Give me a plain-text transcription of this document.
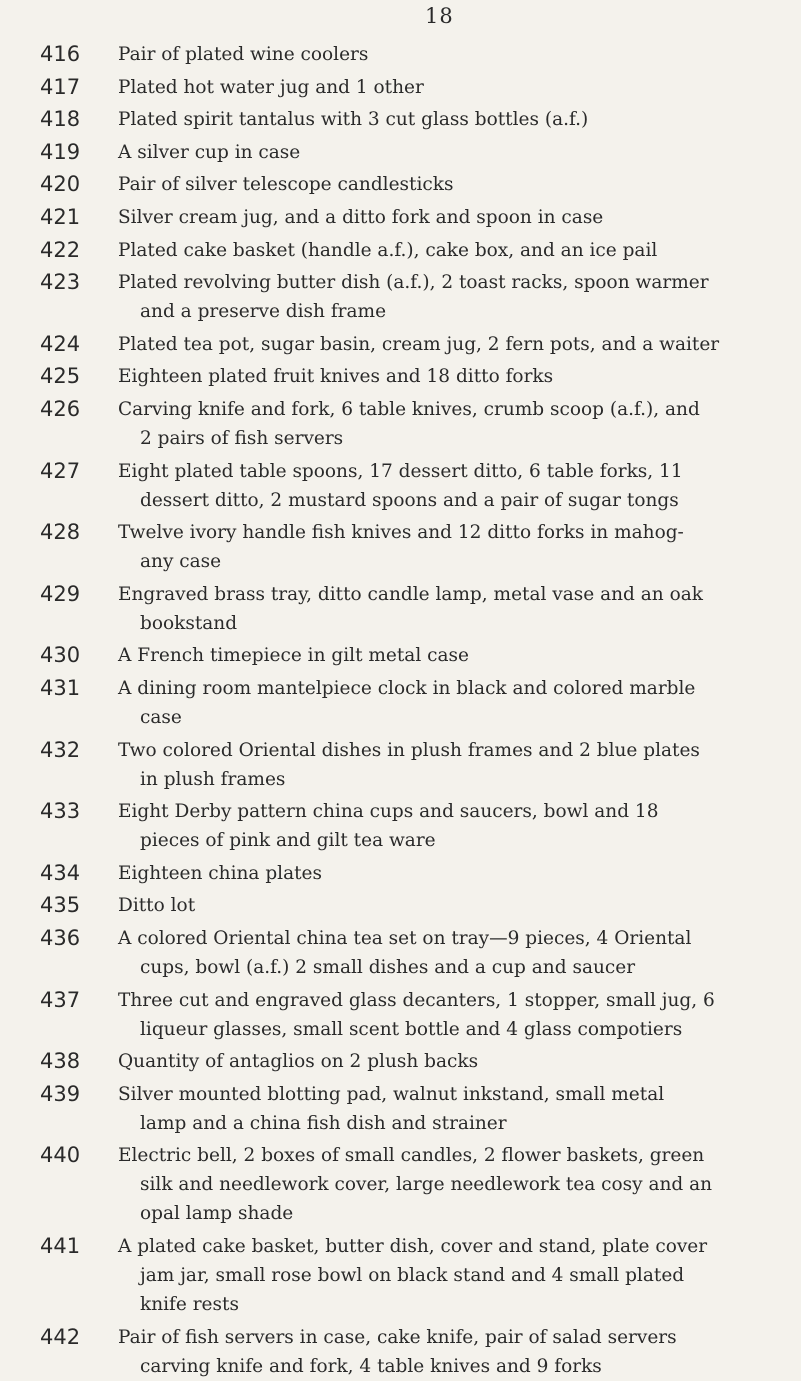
18
416	Pair of plated wine coolers
417	Plated hot water jug and 1 other
418	Plated spirit tantalus with 3 cut glass bottles (a.f.)
419	A silver cup in case
420	Pair of silver telescope candlesticks
421	Silver cream jug, and a ditto fork and spoon in case
422	Plated cake basket (handle a.f.), cake box, and an ice pail
423	Plated revolving butter dish (a.f.), 2 toast racks, spoon warmer
and a preserve dish frame
424	Plated tea pot, sugar basin, cream jug, 2 fern pots, and a waiter
425	Eighteen plated fruit knives and 18 ditto forks
426	Carving knife and fork, 6 table knives, crumb scoop (a.f.), and
2 pairs of fish servers
427	Eight plated table spoons, 17 dessert ditto, 6 table forks, 11
dessert ditto, 2 mustard spoons and a pair of sugar tongs
428	Twelve ivory handle fish knives and 12 ditto forks in mahog-
any case
429	Engraved brass tray, ditto candle lamp, metal vase and an oak
bookstand
430	A French timepiece in gilt metal case
431	A dining room mantelpiece clock in black and colored marble
case
432	Two colored Oriental dishes in plush frames and 2 blue plates
in plush frames
433	Eight Derby pattern china cups and saucers, bowl and 18
pieces of pink and gilt tea ware
434	Eighteen china plates
435	Ditto lot
436	A colored Oriental china tea set on tray—9 pieces, 4 Oriental
cups, bowl (a.f.) 2 small dishes and a cup and saucer
437	Three cut and engraved glass decanters, 1 stopper, small jug, 6
liqueur glasses, small scent bottle and 4 glass compotiers
438	Quantity of antaglios on 2 plush backs
439	Silver mounted blotting pad, walnut inkstand, small metal
lamp and a china fish dish and strainer
440	Electric bell, 2 boxes of small candles, 2 flower baskets, green
silk and needlework cover, large needlework tea cosy and an
opal lamp shade
441	A plated cake basket, butter dish, cover and stand, plate cover
jam jar, small rose bowl on black stand and 4 small plated
knife rests
442	Pair of fish servers in case, cake knife, pair of salad servers
carving knife and fork, 4 table knives and 9 forks
